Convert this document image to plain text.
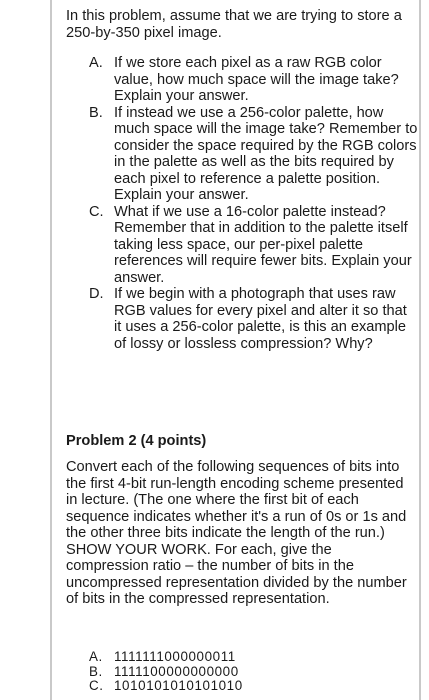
In this problem, assume that we are trying to store a 250-by-350 pixel image.
A. If we store each pixel as a raw RGB color value, how much space will the image take? Explain your answer.
B. If instead we use a 256-color palette, how much space will the image take? Remember to consider the space required by the RGB colors in the palette as well as the bits required by each pixel to reference a palette position. Explain your answer.
C. What if we use a 16-color palette instead? Remember that in addition to the palette itself taking less space, our per-pixel palette references will require fewer bits. Explain your answer.
D. If we begin with a photograph that uses raw RGB values for every pixel and alter it so that it uses a 256-color palette, is this an example of lossy or lossless compression? Why?
Problem 2 (4 points)
Convert each of the following sequences of bits into the first 4-bit run-length encoding scheme presented in lecture. (The one where the first bit of each sequence indicates whether it's a run of 0s or 1s and the other three bits indicate the length of the run.) SHOW YOUR WORK. For each, give the compression ratio – the number of bits in the uncompressed representation divided by the number of bits in the compressed representation.
A. 1111111000000011
B. 1111100000000000
C. 1010101010101010
